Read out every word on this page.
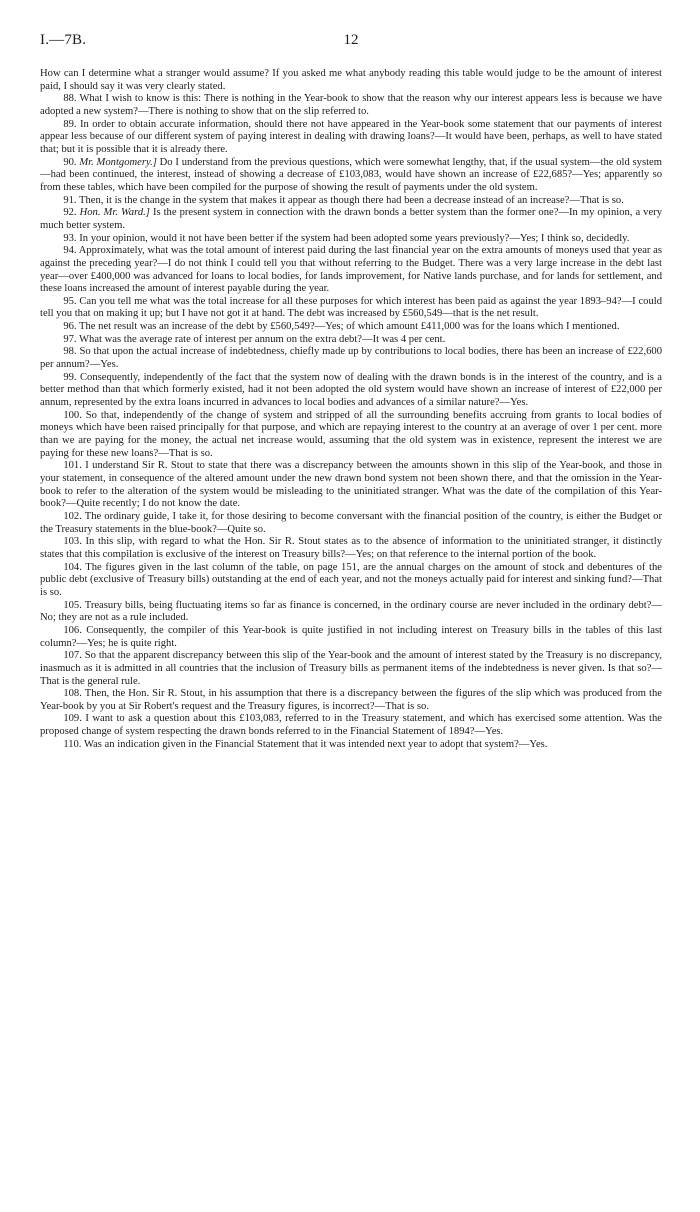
I.—7B.	12

How can I determine what a stranger would assume? If you asked me what anybody reading this table would judge to be the amount of interest paid, I should say it was very clearly stated.

88. What I wish to know is this: There is nothing in the Year-book to show that the reason why our interest appears less is because we have adopted a new system?—There is nothing to show that on the slip referred to.

89. In order to obtain accurate information, should there not have appeared in the Year-book some statement that our payments of interest appear less because of our different system of paying interest in dealing with drawing loans?—It would have been, perhaps, as well to have stated that; but it is possible that it is already there.

90. Mr. Montgomery.] Do I understand from the previous questions, which were somewhat lengthy, that, if the usual system—the old system—had been continued, the interest, instead of showing a decrease of £103,083, would have shown an increase of £22,685?—Yes; apparently so from these tables, which have been compiled for the purpose of showing the result of payments under the old system.

91. Then, it is the change in the system that makes it appear as though there had been a decrease instead of an increase?—That is so.

92. Hon. Mr. Ward.] Is the present system in connection with the drawn bonds a better system than the former one?—In my opinion, a very much better system.

93. In your opinion, would it not have been better if the system had been adopted some years previously?—Yes; I think so, decidedly.

94. Approximately, what was the total amount of interest paid during the last financial year on the extra amounts of moneys used that year as against the preceding year?—I do not think I could tell you that without referring to the Budget. There was a very large increase in the debt last year—over £400,000 was advanced for loans to local bodies, for lands improvement, for Native lands purchase, and for lands for settlement, and these loans increased the amount of interest payable during the year.

95. Can you tell me what was the total increase for all these purposes for which interest has been paid as against the year 1893–94?—I could tell you that on making it up; but I have not got it at hand. The debt was increased by £560,549—that is the net result.

96. The net result was an increase of the debt by £560,549?—Yes; of which amount £411,000 was for the loans which I mentioned.

97. What was the average rate of interest per annum on the extra debt?—It was 4 per cent.

98. So that upon the actual increase of indebtedness, chiefly made up by contributions to local bodies, there has been an increase of £22,600 per annum?—Yes.

99. Consequently, independently of the fact that the system now of dealing with the drawn bonds is in the interest of the country, and is a better method than that which formerly existed, had it not been adopted the old system would have shown an increase of interest of £22,000 per annum, represented by the extra loans incurred in advances to local bodies and advances of a similar nature?—Yes.

100. So that, independently of the change of system and stripped of all the surrounding benefits accruing from grants to local bodies of moneys which have been raised principally for that purpose, and which are repaying interest to the country at an average of over 1 per cent. more than we are paying for the money, the actual net increase would, assuming that the old system was in existence, represent the interest we are paying for these new loans?—That is so.

101. I understand Sir R. Stout to state that there was a discrepancy between the amounts shown in this slip of the Year-book, and those in your statement, in consequence of the altered amount under the new drawn bond system not been shown there, and that the omission in the Year-book to refer to the alteration of the system would be misleading to the uninitiated stranger. What was the date of the compilation of this Year-book?—Quite recently; I do not know the date.

102. The ordinary guide, I take it, for those desiring to become conversant with the financial position of the country, is either the Budget or the Treasury statements in the blue-book?—Quite so.

103. In this slip, with regard to what the Hon. Sir R. Stout states as to the absence of information to the uninitiated stranger, it distinctly states that this compilation is exclusive of the interest on Treasury bills?—Yes; on that reference to the internal portion of the book.

104. The figures given in the last column of the table, on page 151, are the annual charges on the amount of stock and debentures of the public debt (exclusive of Treasury bills) outstanding at the end of each year, and not the moneys actually paid for interest and sinking fund?—That is so.

105. Treasury bills, being fluctuating items so far as finance is concerned, in the ordinary course are never included in the ordinary debt?—No; they are not as a rule included.

106. Consequently, the compiler of this Year-book is quite justified in not including interest on Treasury bills in the tables of this last column?—Yes; he is quite right.

107. So that the apparent discrepancy between this slip of the Year-book and the amount of interest stated by the Treasury is no discrepancy, inasmuch as it is admitted in all countries that the inclusion of Treasury bills as permanent items of the indebtedness is never given. Is that so?—That is the general rule.

108. Then, the Hon. Sir R. Stout, in his assumption that there is a discrepancy between the figures of the slip which was produced from the Year-book by you at Sir Robert's request and the Treasury figures, is incorrect?—That is so.

109. I want to ask a question about this £103,083, referred to in the Treasury statement, and which has exercised some attention. Was the proposed change of system respecting the drawn bonds referred to in the Financial Statement of 1894?—Yes.

110. Was an indication given in the Financial Statement that it was intended next year to adopt that system?—Yes.
